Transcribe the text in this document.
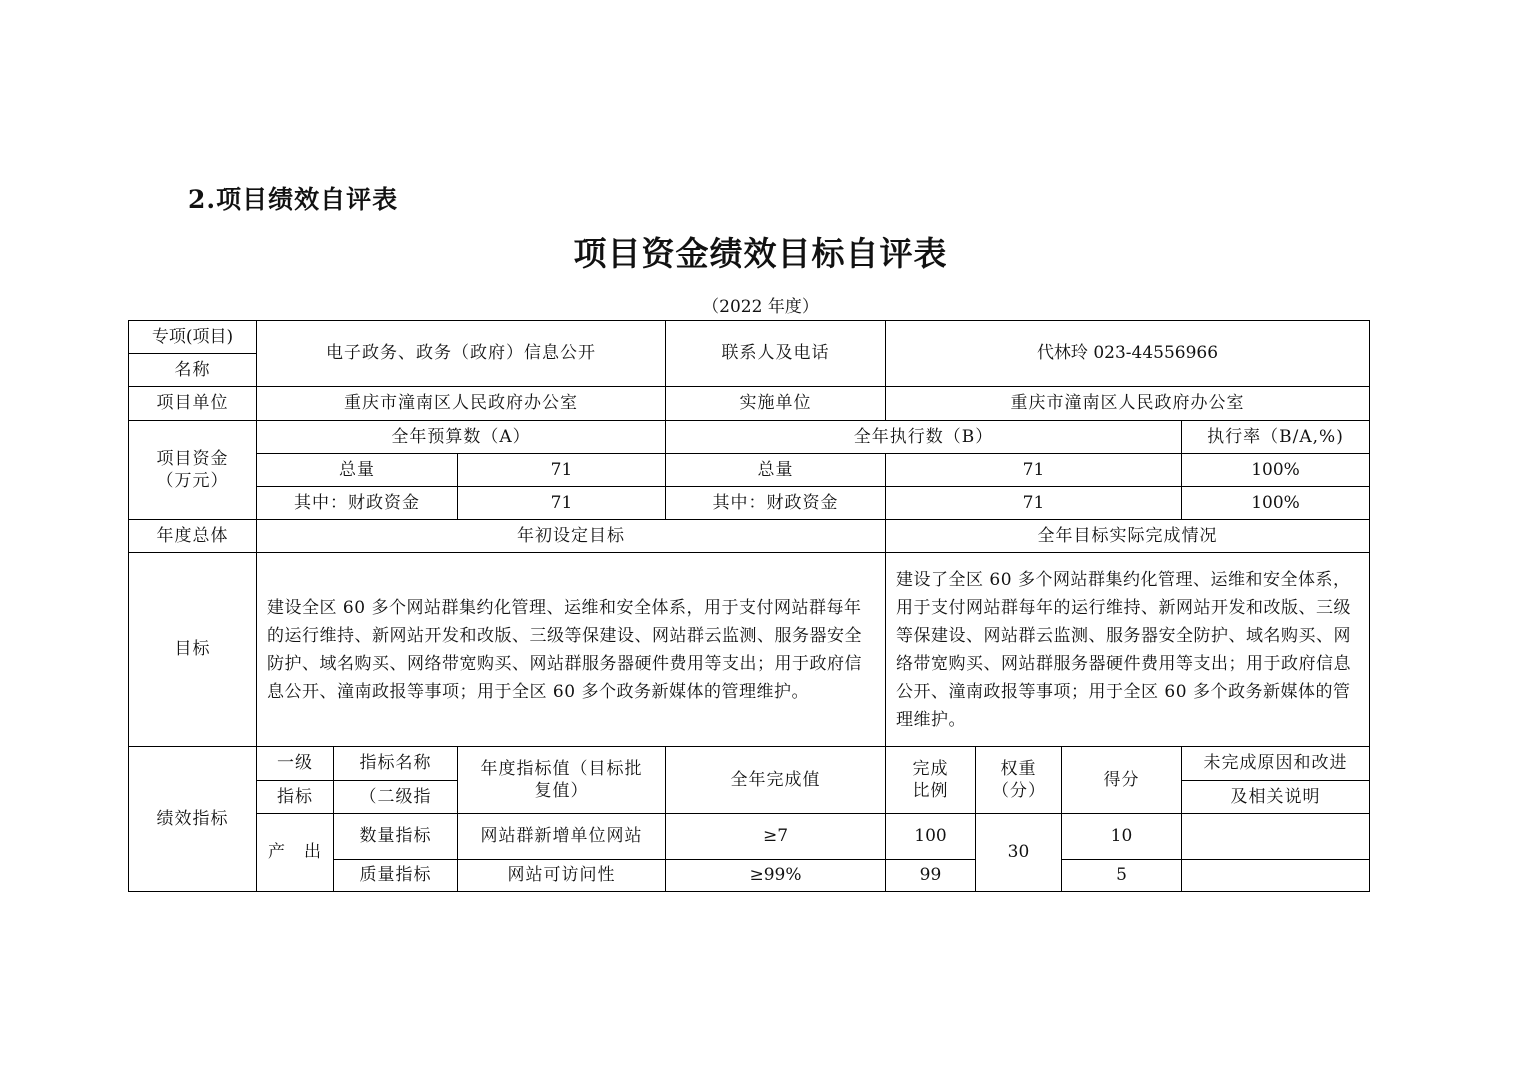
2.项目绩效自评表
项目资金绩效目标自评表
（2022 年度）
专项(项目)	电子政务、政务（政府）信息公开			联系人及电话	代林玲 023-44556966			
名称								
项目单位	重庆市潼南区人民政府办公室			实施单位	重庆市潼南区人民政府办公室			
项目资金
（万元）	全年预算数（A）			全年执行数（B）				执行率（B/A,%)
	总量		71	总量	71			100%
	其中：财政资金		71	其中：财政资金	71			100%
年度总体	年初设定目标				全年目标实际完成情况			
目标	建设全区 60 多个网站群集约化管理、运维和安全体系，用于支付网站群每年的运行维持、新网站开发和改版、三级等保建设、网站群云监测、服务器安全防护、域名购买、网络带宽购买、网站群服务器硬件费用等支出；用于政府信息公开、潼南政报等事项；用于全区 60 多个政务新媒体的管理维护。				建设了全区 60 多个网站群集约化管理、运维和安全体系，用于支付网站群每年的运行维持、新网站开发和改版、三级等保建设、网站群云监测、服务器安全防护、域名购买、网络带宽购买、网站群服务器硬件费用等支出；用于政府信息公开、潼南政报等事项；用于全区 60 多个政务新媒体的管理维护。			
绩效指标	一级	指标名称	年度指标值（目标批复值）	全年完成值	完成比例	权重（分）	得分	未完成原因和改进
	指标	（二级指						及相关说明
	产　出	数量指标	网站群新增单位网站	≥7	100	30	10	
		质量指标	网站可访问性	≥99%	99		5	
